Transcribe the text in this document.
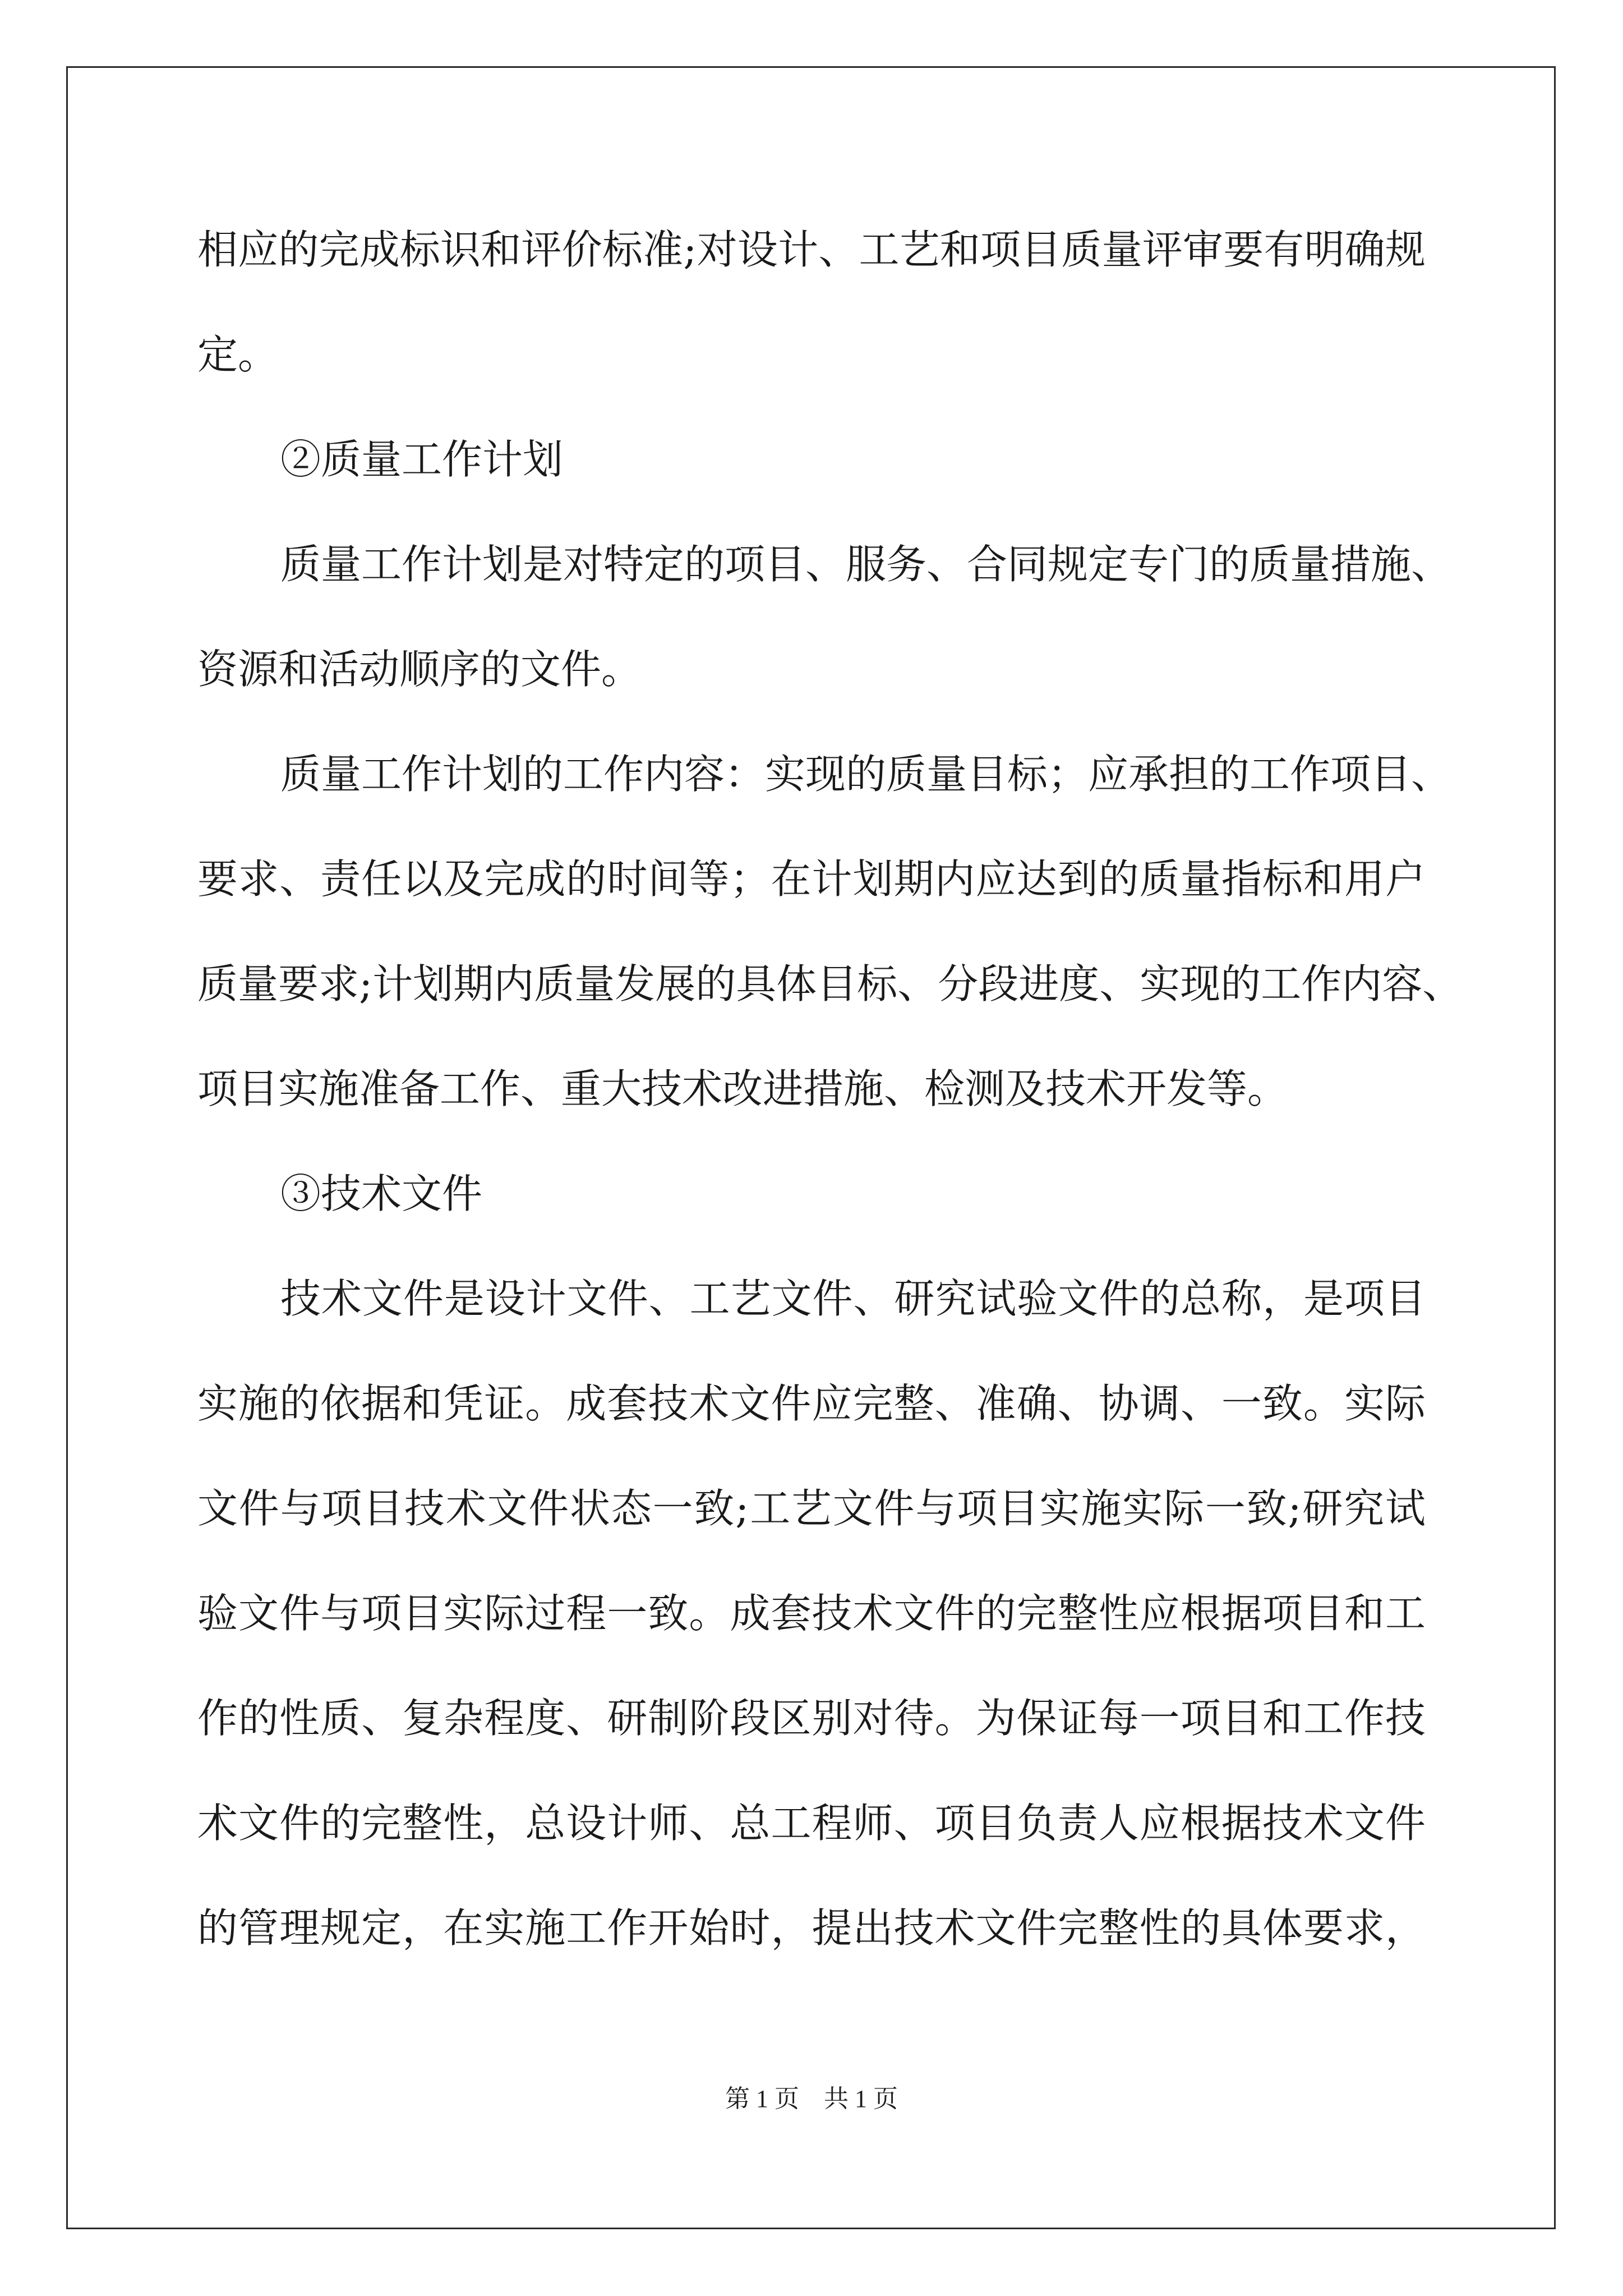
相应的完成标识和评价标准;对设计、工艺和项目质量评审要有明确规
定。
②质量工作计划
质量工作计划是对特定的项目、服务、合同规定专门的质量措施、
资源和活动顺序的文件。
质量工作计划的工作内容：实现的质量目标；应承担的工作项目、
要求、责任以及完成的时间等；在计划期内应达到的质量指标和用户
质量要求;计划期内质量发展的具体目标、分段进度、实现的工作内容、
项目实施准备工作、重大技术改进措施、检测及技术开发等。
③技术文件
技术文件是设计文件、工艺文件、研究试验文件的总称，是项目
实施的依据和凭证。成套技术文件应完整、准确、协调、一致。实际
文件与项目技术文件状态一致;工艺文件与项目实施实际一致;研究试
验文件与项目实际过程一致。成套技术文件的完整性应根据项目和工
作的性质、复杂程度、研制阶段区别对待。为保证每一项目和工作技
术文件的完整性，总设计师、总工程师、项目负责人应根据技术文件
的管理规定，在实施工作开始时，提出技术文件完整性的具体要求，
第 1 页 共 1 页
